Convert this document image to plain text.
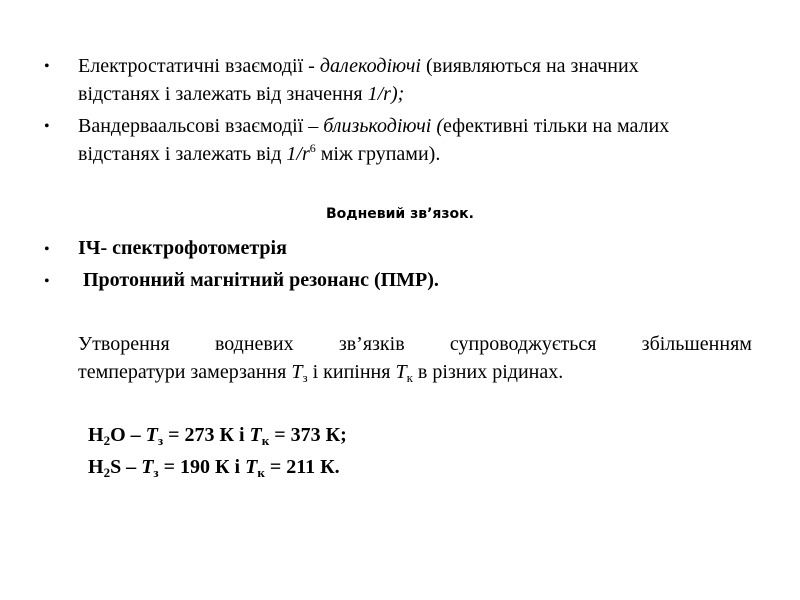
• Електростатичні взаємодії - далекодіючі (виявляються на значних
відстанях і залежать від значення 1/r);
• Вандерваальсові взаємодії – близькодіючі (ефективні тільки на малих
відстанях і залежать від $1/r^6$ між групами).
Водневий зв’язок.
• ІЧ- спектрофотометрія
• Протонний магнітний резонанс (ПМР).
Утворення водневих зв’язків супроводжується збільшенням
температури замерзання $Т_з$ і кипіння $Т_к$ в різних рідинах.
$H_2O - Т_з = 273$ К і $Т_к = 373$ К;
$H_2S - Т_з = 190$ К і $Т_к = 211$ К.
